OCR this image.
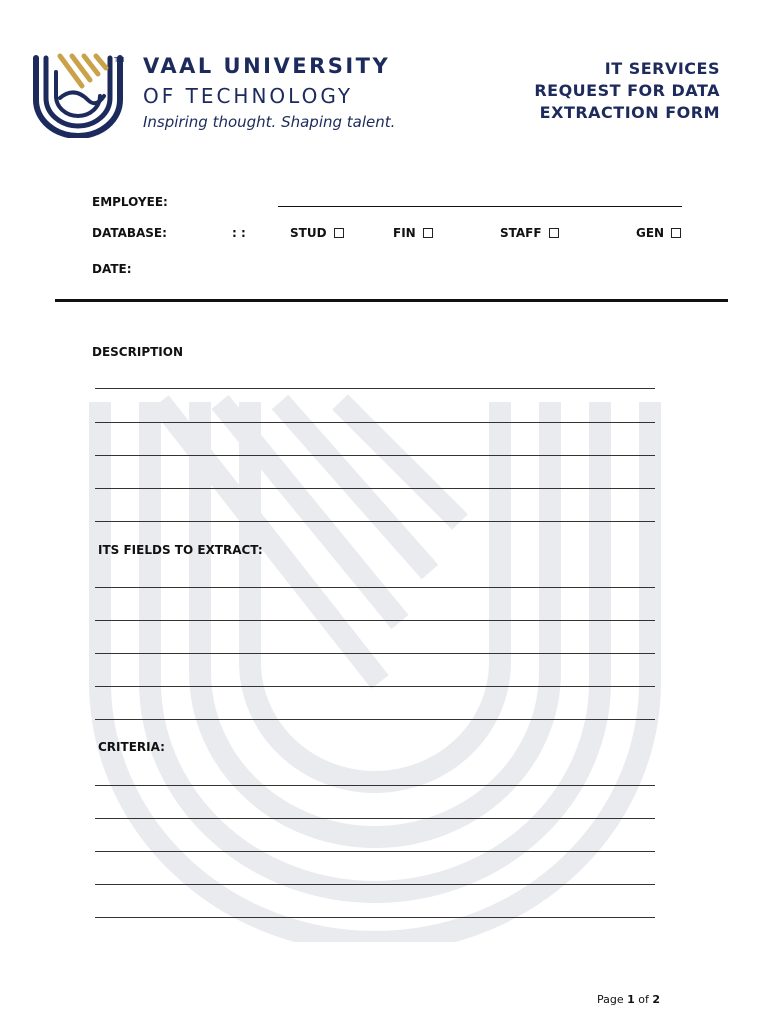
TM VAAL UNIVERSITY
OF TECHNOLOGY
Inspiring thought. Shaping talent.
IT SERVICES
REQUEST FOR DATA
EXTRACTION FORM
EMPLOYEE:
DATABASE:	: :	STUD	FIN	STAFF	GEN
DATE:
DESCRIPTION
ITS FIELDS TO EXTRACT:
CRITERIA:
Page 1 of 2
